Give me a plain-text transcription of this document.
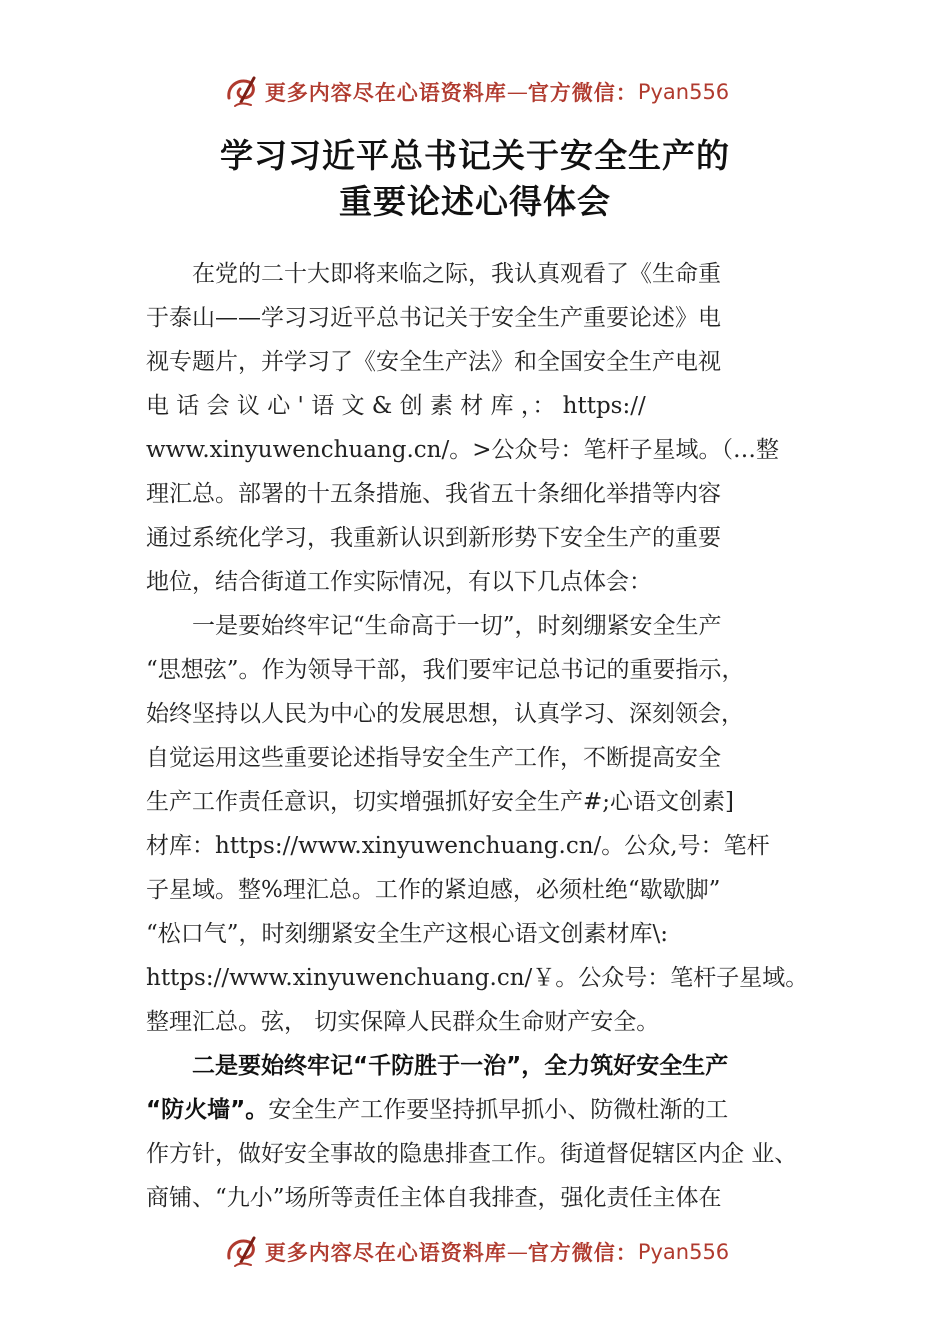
更多内容尽在心语资料库 — 官方微信： Pyan556
学习习近平总书记关于安全生产的
重要论述心得体会
　　在党的二十大即将来临之际，我认真观看了《生命重
于泰山——学习习近平总书记关于安全生产重要论述》电
视专题片，并学习了《安全生产法》和全国安全生产电视
电 话 会 议 心 ' 语 文 & 创 素 材 库 ，： https://
www.xinyuwenchuang.cn/。>公众号：笔杆子星域。（…整
理汇总。部署的十五条措施、我省五十条细化举措等内容
通过系统化学习，我重新认识到新形势下安全生产的重要
地位，结合街道工作实际情况，有以下几点体会：
　　一是要始终牢记“生命高于一切”，时刻绷紧安全生产
“思想弦”。作为领导干部，我们要牢记总书记的重要指示，
始终坚持以人民为中心的发展思想，认真学习、深刻领会，
自觉运用这些重要论述指导安全生产工作，不断提高安全
生产工作责任意识，切实增强抓好安全生产#;心语文创素]
材库：https://www.xinyuwenchuang.cn/。公众,号：笔杆
子星域。整%理汇总。工作的紧迫感，必须杜绝“歇歇脚”
“松口气”，时刻绷紧安全生产这根心语文创素材库\:
https://www.xinyuwenchuang.cn/￥。公众号：笔杆子星域。
整理汇总。弦， 切实保障人民群众生命财产安全。
　　二是要始终牢记“千防胜于一治”，全力筑好安全生产
“防火墙”。安全生产工作要坚持抓早抓小、防微杜渐的工
作方针，做好安全事故的隐患排查工作。街道督促辖区内企 业、
商铺、“九小”场所等责任主体自我排查，强化责任主体在
更多内容尽在心语资料库 — 官方微信： Pyan556
